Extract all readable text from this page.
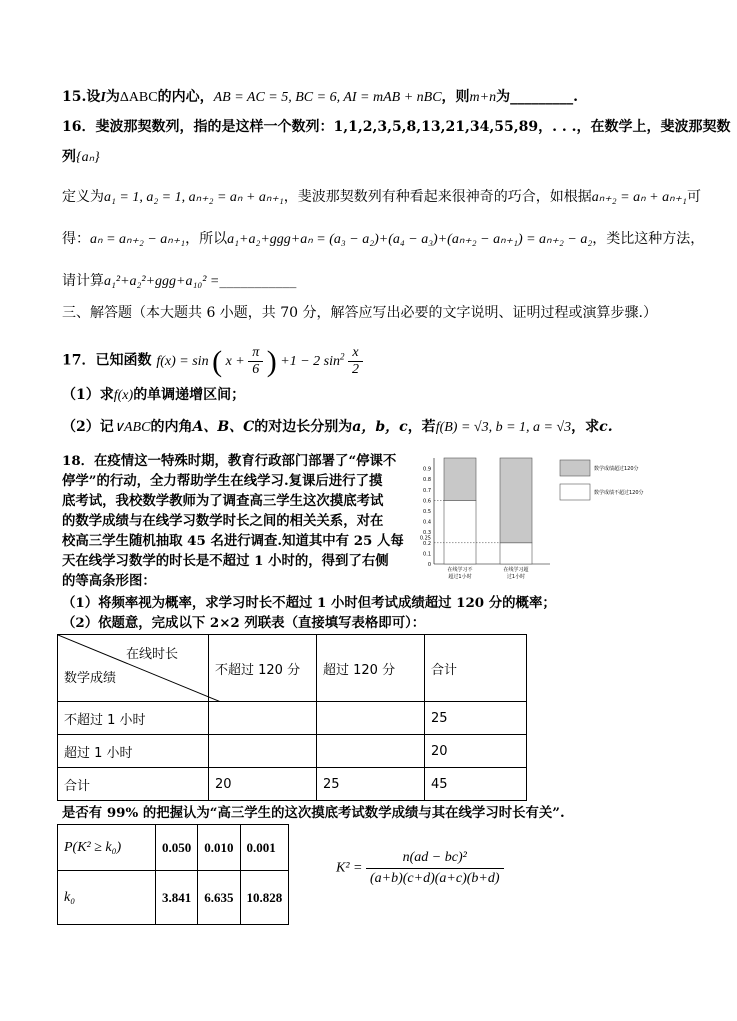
15.设I为ΔABC的内心，AB = AC = 5, BC = 6, AI = mAB + nBC，则m+n为_________.
16．斐波那契数列，指的是这样一个数列：1,1,2,3,5,8,13,21,34,55,89，. . .，在数学上，斐波那契数
列{aₙ}
定义为a₁ = 1, a₂ = 1, aₙ₊₂ = aₙ + aₙ₊₁，斐波那契数列有种看起来很神奇的巧合，如根据aₙ₊₂ = aₙ + aₙ₊₁可
得：aₙ = aₙ₊₂ − aₙ₊₁，所以a₁+a₂+ggg+aₙ = (a₃ − a₂)+(a₄ − a₃)+(aₙ₊₂ − aₙ₊₁) = aₙ₊₂ − a₂，类比这种方法，
请计算a₁²+a₂²+ggg+a₁₀² =___________
三、解答题（本大题共 6 小题，共 70 分，解答应写出必要的文字说明、证明过程或演算步骤.）
17．已知函数 f(x) = sin ( $x + \frac{\pi}{6}$ ) +1 − 2 $\sin^2 \frac{x}{2}$
（1）求f(x)的单调递增区间；
（2）记∨ABC的内角A、B、C的对边长分别为a，b，c，若f(B) = √3, b = 1, a = √3，求c.
18．在疫情这一特殊时期，教育行政部门部署了“停课不
停学”的行动，全力帮助学生在线学习.复课后进行了摸
底考试，我校数学教师为了调查高三学生这次摸底考试
的数学成绩与在线学习数学时长之间的相关关系，对在
校高三学生随机抽取 45 名进行调查.知道其中有 25 人每
天在线学习数学的时长是不超过 1 小时的，得到了右侧
的等高条形图：
（1）将频率视为概率，求学习时长不超过 1 小时但考试成绩超过 120 分的概率；
（2）依题意，完成以下 2×2 列联表（直接填写表格即可）：
0.9
0.8
0.7
0.6
0.5
0.4
0.3
0.25
0.2
0.1
0
在线学习不
超过1小时
在线学习超
过1小时
数学成绩超过120分
数学成绩不超过120分
在线时长
数学成绩	不超过 120 分	超过 120 分	合计
不超过 1 小时			25
超过 1 小时			20
合计	20	25	45
是否有 99% 的把握认为“高三学生的这次摸底考试数学成绩与其在线学习时长有关”.
P(K² ≥ k₀)	0.050	0.010	0.001
k₀	3.841	6.635	10.828
$K^2 = \frac{\text{n(ad − bc)²}}{(a+b)(c+d)(a+c)(b+d)}$
